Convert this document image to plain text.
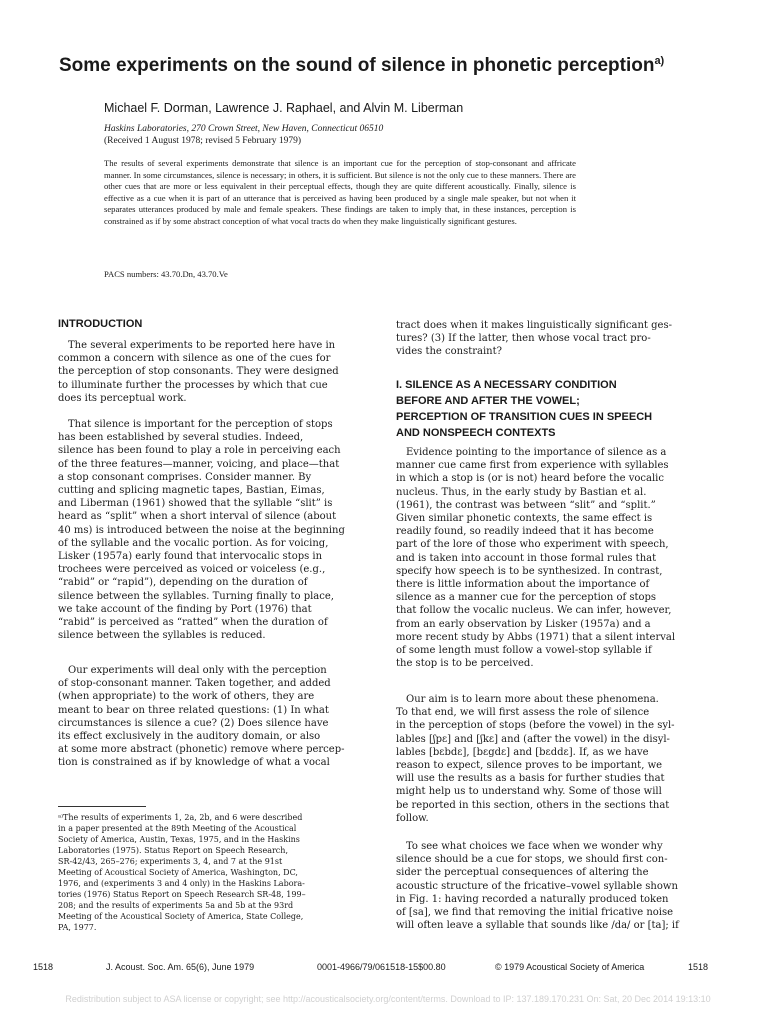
Some experiments on the sound of silence in phonetic perception$^{a)}$

Michael F. Dorman, Lawrence J. Raphael, and Alvin M. Liberman

Haskins Laboratories, 270 Crown Street, New Haven, Connecticut 06510

(Received 1 August 1978; revised 5 February 1979)

The results of several experiments demonstrate that silence is an important cue for the perception of stop-consonant and affricate manner. In some circumstances, silence is necessary; in others, it is sufficient. But silence is not the only cue to these manners. There are other cues that are more or less equivalent in their perceptual effects, though they are quite different acoustically. Finally, silence is effective as a cue when it is part of an utterance that is perceived as having been produced by a single male speaker, but not when it separates utterances produced by male and female speakers. These findings are taken to imply that, in these instances, perception is constrained as if by some abstract conception of what vocal tracts do when they make linguistically significant gestures.

PACS numbers: 43.70.Dn, 43.70.Ve

INTRODUCTION
The several experiments to be reported here have in
common a concern with silence as one of the cues for
the perception of stop consonants. They were designed
to illuminate further the processes by which that cue
does its perceptual work.
That silence is important for the perception of stops
has been established by several studies. Indeed,
silence has been found to play a role in perceiving each
of the three features—manner, voicing, and place—that
a stop consonant comprises. Consider manner. By
cutting and splicing magnetic tapes, Bastian, Eimas,
and Liberman (1961) showed that the syllable “slit” is
heard as “split” when a short interval of silence (about
40 ms) is introduced between the noise at the beginning
of the syllable and the vocalic portion. As for voicing,
Lisker (1957a) early found that intervocalic stops in
trochees were perceived as voiced or voiceless (e.g.,
“rabid” or “rapid”), depending on the duration of
silence between the syllables. Turning finally to place,
we take account of the finding by Port (1976) that
“rabid” is perceived as “ratted” when the duration of
silence between the syllables is reduced.
Our experiments will deal only with the perception
of stop-consonant manner. Taken together, and added
(when appropriate) to the work of others, they are
meant to bear on three related questions: (1) In what
circumstances is silence a cue? (2) Does silence have
its effect exclusively in the auditory domain, or also
at some more abstract (phonetic) remove where percep-
tion is constrained as if by knowledge of what a vocal
ᵃ⁾The results of experiments 1, 2a, 2b, and 6 were described
in a paper presented at the 89th Meeting of the Acoustical
Society of America, Austin, Texas, 1975, and in the Haskins
Laboratories (1975). Status Report on Speech Research,
SR-42/43, 265–276; experiments 3, 4, and 7 at the 91st
Meeting of Acoustical Society of America, Washington, DC,
1976, and (experiments 3 and 4 only) in the Haskins Labora-
tories (1976) Status Report on Speech Research SR-48, 199–
208; and the results of experiments 5a and 5b at the 93rd
Meeting of the Acoustical Society of America, State College,
PA, 1977.
tract does when it makes linguistically significant ges-
tures? (3) If the latter, then whose vocal tract pro-
vides the constraint?
I. SILENCE AS A NECESSARY CONDITION
BEFORE AND AFTER THE VOWEL;
PERCEPTION OF TRANSITION CUES IN SPEECH
AND NONSPEECH CONTEXTS
Evidence pointing to the importance of silence as a
manner cue came first from experience with syllables
in which a stop is (or is not) heard before the vocalic
nucleus. Thus, in the early study by Bastian et al.
(1961), the contrast was between “slit” and “split.”
Given similar phonetic contexts, the same effect is
readily found, so readily indeed that it has become
part of the lore of those who experiment with speech,
and is taken into account in those formal rules that
specify how speech is to be synthesized. In contrast,
there is little information about the importance of
silence as a manner cue for the perception of stops
that follow the vocalic nucleus. We can infer, however,
from an early observation by Lisker (1957a) and a
more recent study by Abbs (1971) that a silent interval
of some length must follow a vowel-stop syllable if
the stop is to be perceived.
Our aim is to learn more about these phenomena.
To that end, we will first assess the role of silence
in the perception of stops (before the vowel) in the syl-
lables [ʃpɛ] and [ʃkɛ] and (after the vowel) in the disyl-
lables [bɛbdɛ], [bɛgdɛ] and [bɛddɛ]. If, as we have
reason to expect, silence proves to be important, we
will use the results as a basis for further studies that
might help us to understand why. Some of those will
be reported in this section, others in the sections that
follow.
To see what choices we face when we wonder why
silence should be a cue for stops, we should first con-
sider the perceptual consequences of altering the
acoustic structure of the fricative–vowel syllable shown
in Fig. 1: having recorded a naturally produced token
of [sa], we find that removing the initial fricative noise
will often leave a syllable that sounds like /da/ or [ta]; if
1518	J. Acoust. Soc. Am. 65(6), June 1979	0001-4966/79/061518-15$00.80	© 1979 Acoustical Society of America	1518
Redistribution subject to ASA license or copyright; see http://acousticalsociety.org/content/terms. Download to IP: 137.189.170.231 On: Sat, 20 Dec 2014 19:13:10
